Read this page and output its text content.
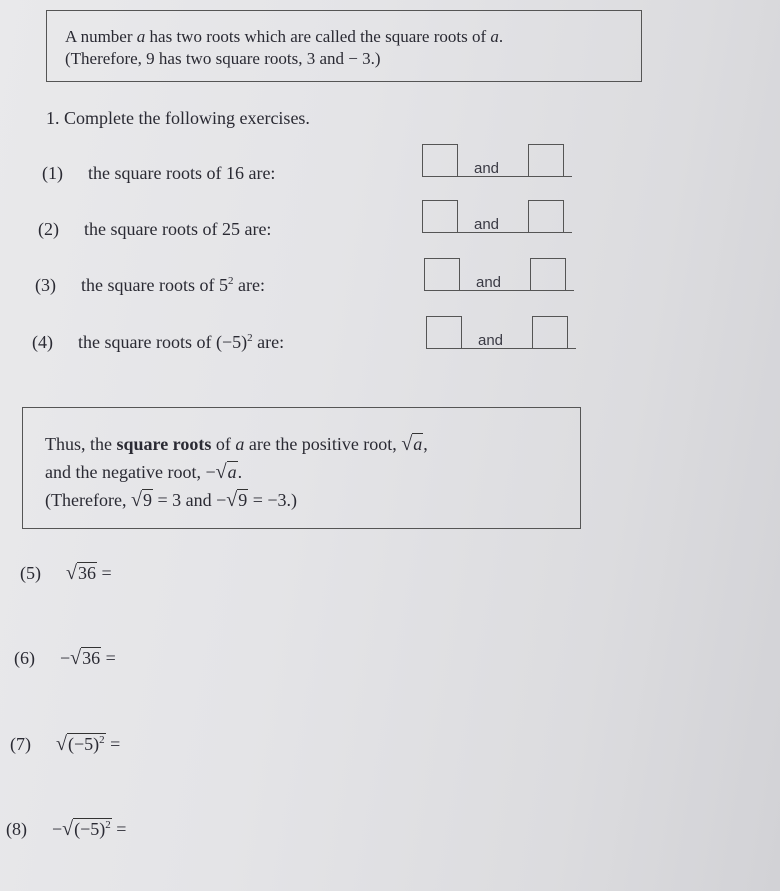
A number a has two roots which are called the square roots of a.
(Therefore, 9 has two square roots, 3 and − 3.)
1. Complete the following exercises.
(1) the square roots of 16 are:	and
(2) the square roots of 25 are:	and
(3) the square roots of $5^2$ are:	and
(4) the square roots of $(-5)^2$ are:	and
Thus, the square roots of a are the positive root, √a,
and the negative root, −√a.
(Therefore, √9 = 3 and −√9 = −3.)
(5) √36 =
(6) −√36 =
(7) $√(-5)^2$ =
$(8) -√(-5)^2$ =
